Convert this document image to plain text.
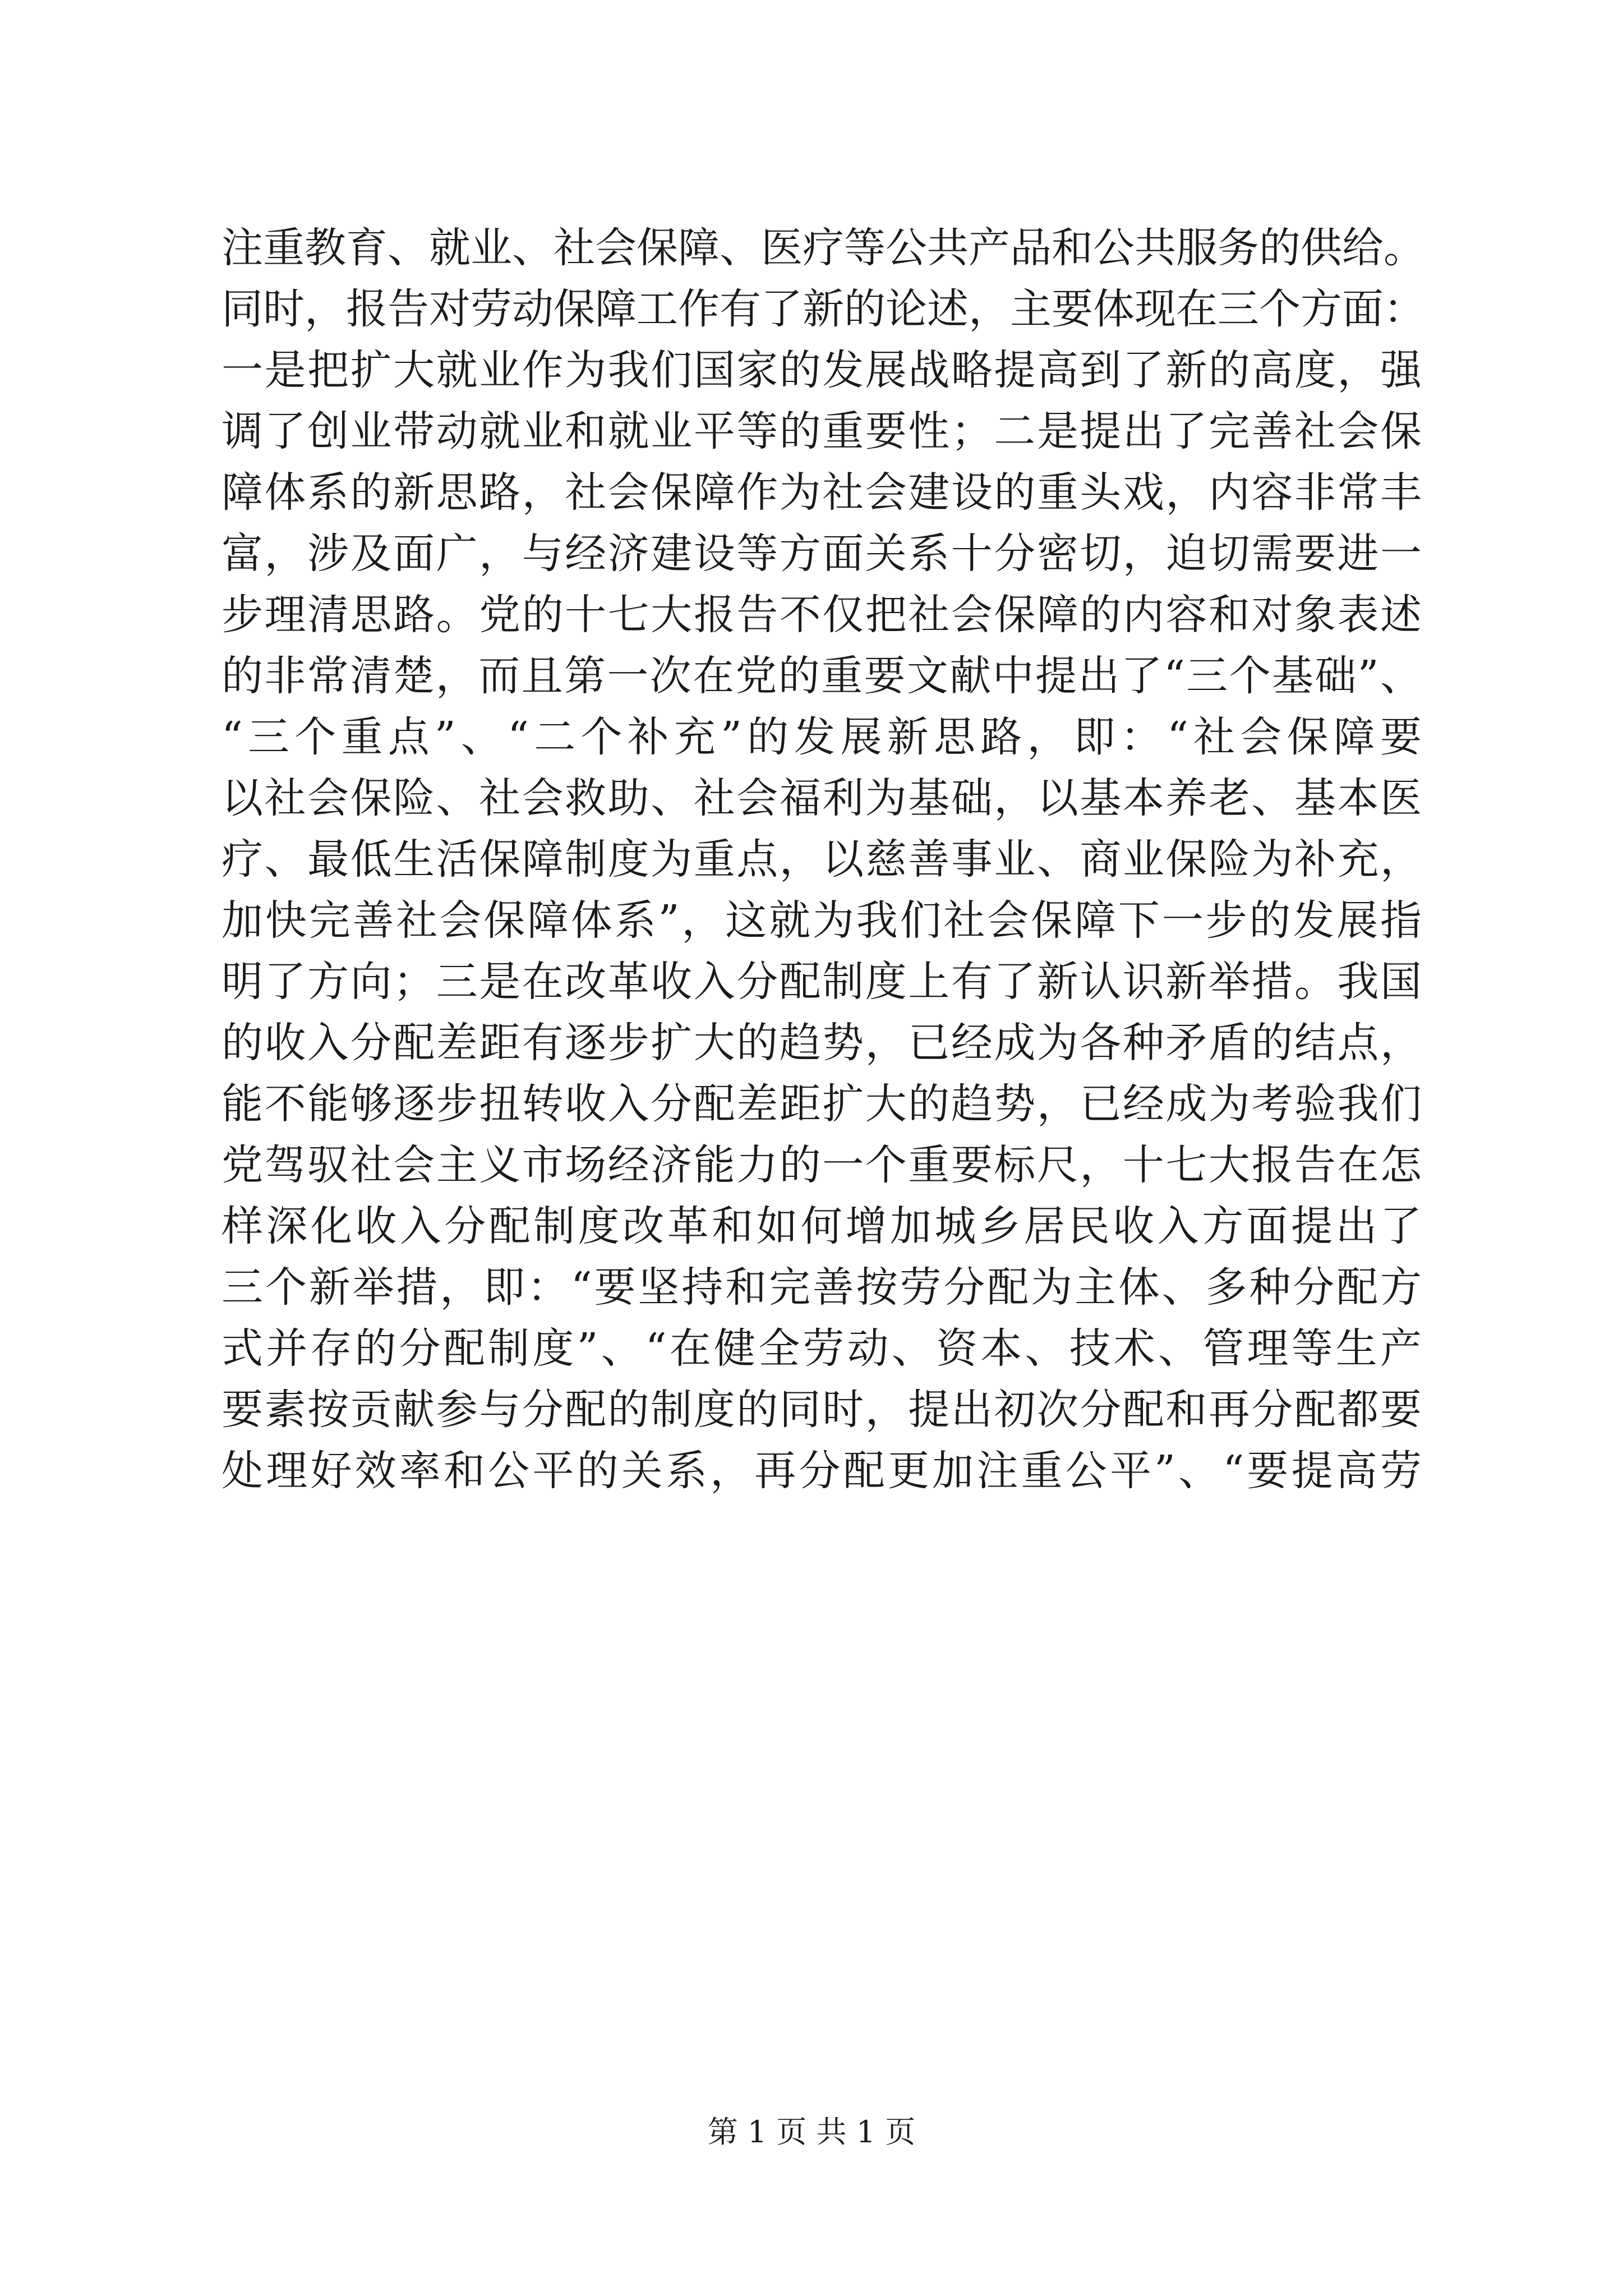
注重教育、就业、社会保障、医疗等公共产品和公共服务的供给。
同时，报告对劳动保障工作有了新的论述，主要体现在三个方面：
一是把扩大就业作为我们国家的发展战略提高到了新的高度，强
调了创业带动就业和就业平等的重要性；二是提出了完善社会保
障体系的新思路，社会保障作为社会建设的重头戏，内容非常丰
富，涉及面广，与经济建设等方面关系十分密切，迫切需要进一
步理清思路。党的十七大报告不仅把社会保障的内容和对象表述
的非常清楚，而且第一次在党的重要文献中提出了“三个基础”、
“三个重点”、“二个补充”的发展新思路，即：“社会保障要
以社会保险、社会救助、社会福利为基础，以基本养老、基本医
疗、最低生活保障制度为重点，以慈善事业、商业保险为补充，
加快完善社会保障体系”，这就为我们社会保障下一步的发展指
明了方向；三是在改革收入分配制度上有了新认识新举措。我国
的收入分配差距有逐步扩大的趋势，已经成为各种矛盾的结点，
能不能够逐步扭转收入分配差距扩大的趋势，已经成为考验我们
党驾驭社会主义市场经济能力的一个重要标尺，十七大报告在怎
样深化收入分配制度改革和如何增加城乡居民收入方面提出了
三个新举措，即：“要坚持和完善按劳分配为主体、多种分配方
式并存的分配制度”、“在健全劳动、资本、技术、管理等生产
要素按贡献参与分配的制度的同时，提出初次分配和再分配都要
处理好效率和公平的关系，再分配更加注重公平”、“要提高劳
第 1 页 共 1 页
